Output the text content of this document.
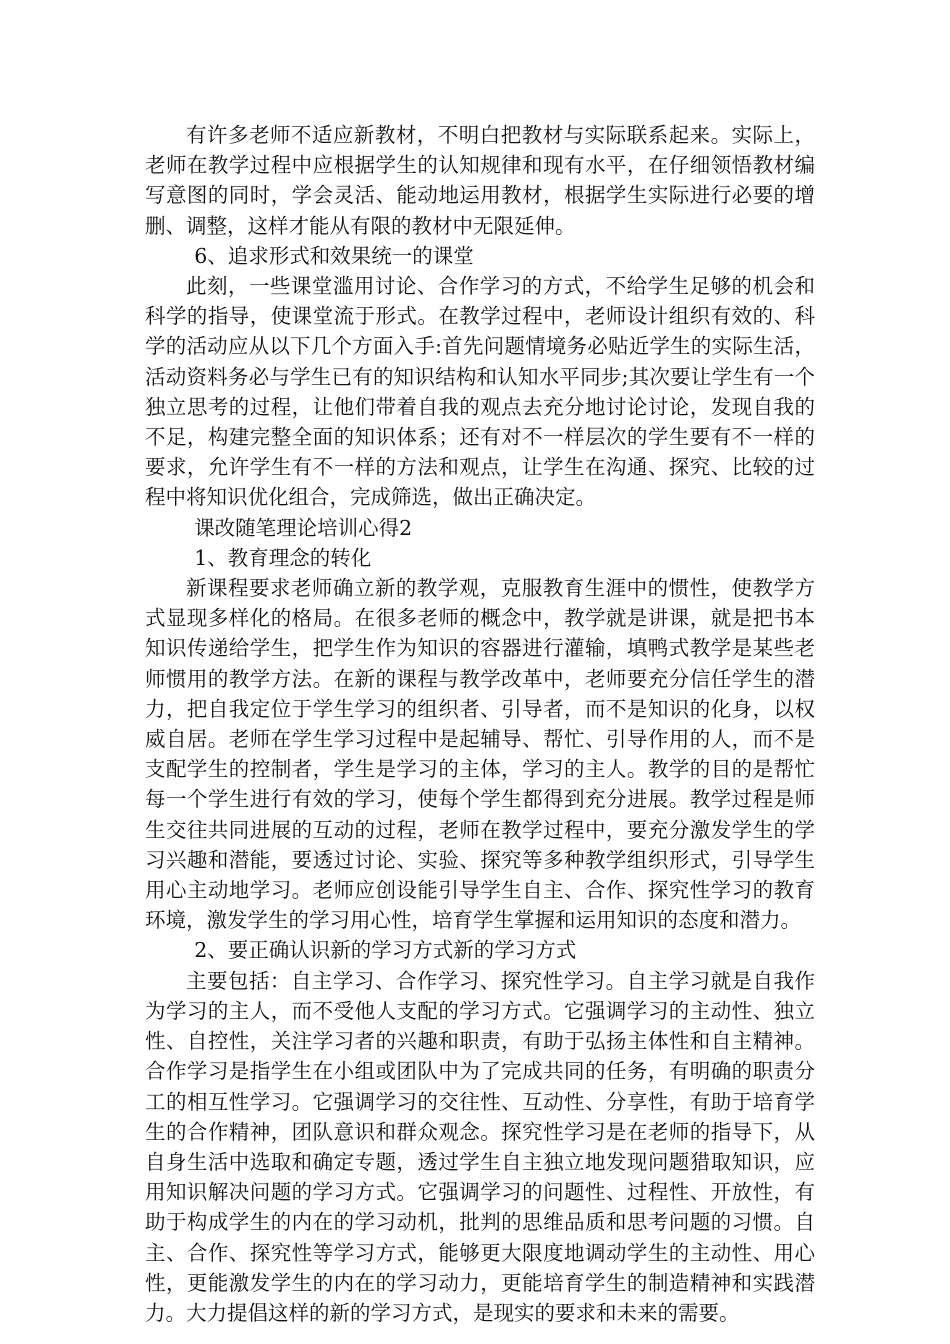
有许多老师不适应新教材，不明白把教材与实际联系起来。实际上，老师在教学过程中应根据学生的认知规律和现有水平，在仔细领悟教材编写意图的同时，学会灵活、能动地运用教材，根据学生实际进行必要的增删、调整，这样才能从有限的教材中无限延伸。

6、追求形式和效果统一的课堂

此刻，一些课堂滥用讨论、合作学习的方式，不给学生足够的机会和科学的指导，使课堂流于形式。在教学过程中，老师设计组织有效的、科学的活动应从以下几个方面入手:首先问题情境务必贴近学生的实际生活，活动资料务必与学生已有的知识结构和认知水平同步;其次要让学生有一个独立思考的过程，让他们带着自我的观点去充分地讨论讨论，发现自我的不足，构建完整全面的知识体系；还有对不一样层次的学生要有不一样的要求，允许学生有不一样的方法和观点，让学生在沟通、探究、比较的过程中将知识优化组合，完成筛选，做出正确决定。

课改随笔理论培训心得2

1、教育理念的转化

新课程要求老师确立新的教学观，克服教育生涯中的惯性，使教学方式显现多样化的格局。在很多老师的概念中，教学就是讲课，就是把书本知识传递给学生，把学生作为知识的容器进行灌输，填鸭式教学是某些老师惯用的教学方法。在新的课程与教学改革中，老师要充分信任学生的潜力，把自我定位于学生学习的组织者、引导者，而不是知识的化身，以权威自居。老师在学生学习过程中是起辅导、帮忙、引导作用的人，而不是支配学生的控制者，学生是学习的主体，学习的主人。教学的目的是帮忙每一个学生进行有效的学习，使每个学生都得到充分进展。教学过程是师生交往共同进展的互动的过程，老师在教学过程中，要充分激发学生的学习兴趣和潜能，要透过讨论、实验、探究等多种教学组织形式，引导学生用心主动地学习。老师应创设能引导学生自主、合作、探究性学习的教育环境，激发学生的学习用心性，培育学生掌握和运用知识的态度和潜力。

2、要正确认识新的学习方式新的学习方式

主要包括：自主学习、合作学习、探究性学习。自主学习就是自我作为学习的主人，而不受他人支配的学习方式。它强调学习的主动性、独立性、自控性，关注学习者的兴趣和职责，有助于弘扬主体性和自主精神。合作学习是指学生在小组或团队中为了完成共同的任务，有明确的职责分工的相互性学习。它强调学习的交往性、互动性、分享性，有助于培育学生的合作精神，团队意识和群众观念。探究性学习是在老师的指导下，从自身生活中选取和确定专题，透过学生自主独立地发现问题猎取知识，应用知识解决问题的学习方式。它强调学习的问题性、过程性、开放性，有助于构成学生的内在的学习动机，批判的思维品质和思考问题的习惯。自主、合作、探究性等学习方式，能够更大限度地调动学生的主动性、用心性，更能激发学生的内在的学习动力，更能培育学生的制造精神和实践潜力。大力提倡这样的新的学习方式，是现实的要求和未来的需要。
